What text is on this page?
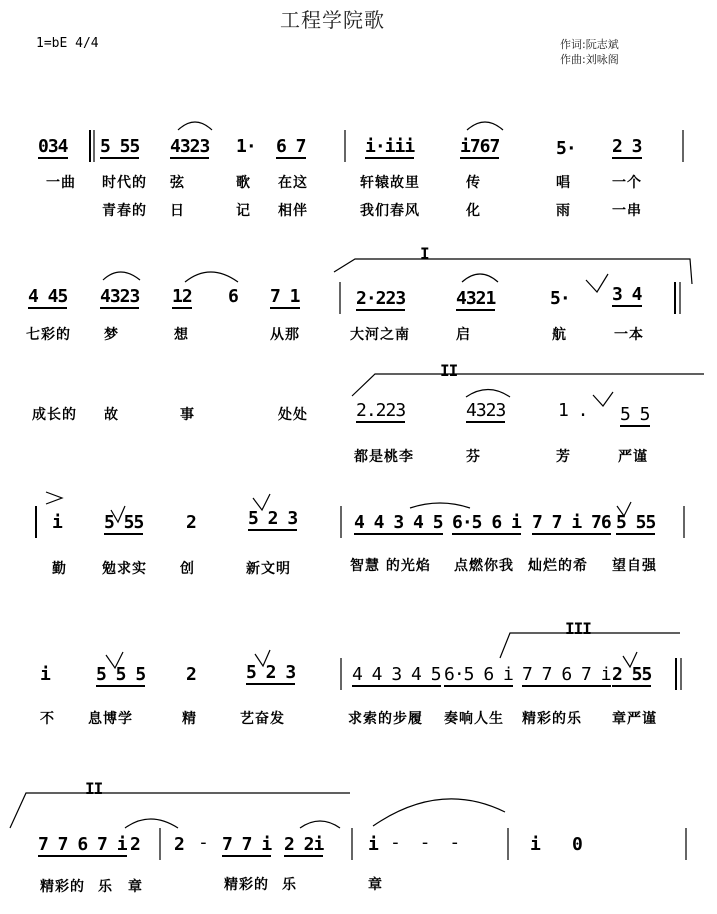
工程学院歌
1=bE 4/4	作词:阮志斌
作曲:刘咏阁
I
II
III
II
034 5 55 4323 1· 6 7	i·iii	i767	5· 2 3
一曲 时代的 弦	歌 在这	轩辕故里	传	唱	一个
青春的 日	记 相伴	我们春风	化	雨	一串
4 45 4323 12 6 7 1	2·223	4321	5· 3 4
七彩的 梦	想	从那	大河之南	启	航	一本
成长的 故	事	处处	2.223	4323	1 . 5 5
都是桃李	芬	芳	严谨
i 5 55 2	5 2 3	4 4 3 4 5 6·5 6 i 7 7 i 76 5 55
勤	勉求实 创	新文明	智慧 的光焰 点燃你我 灿烂的希 望自强
i	5 5 5 2	5 2 3	4 4 3 4 5 6·5 6 i 7 7 6 7 i 2 55
不 息博学	精	艺奋发	求索的步履 奏响人生 精彩的乐 章严谨
7 7 6 7 i 2 2 - 7 7 i 2 2i i - - -	i 0
精彩的 乐 章	精彩的 乐	章
